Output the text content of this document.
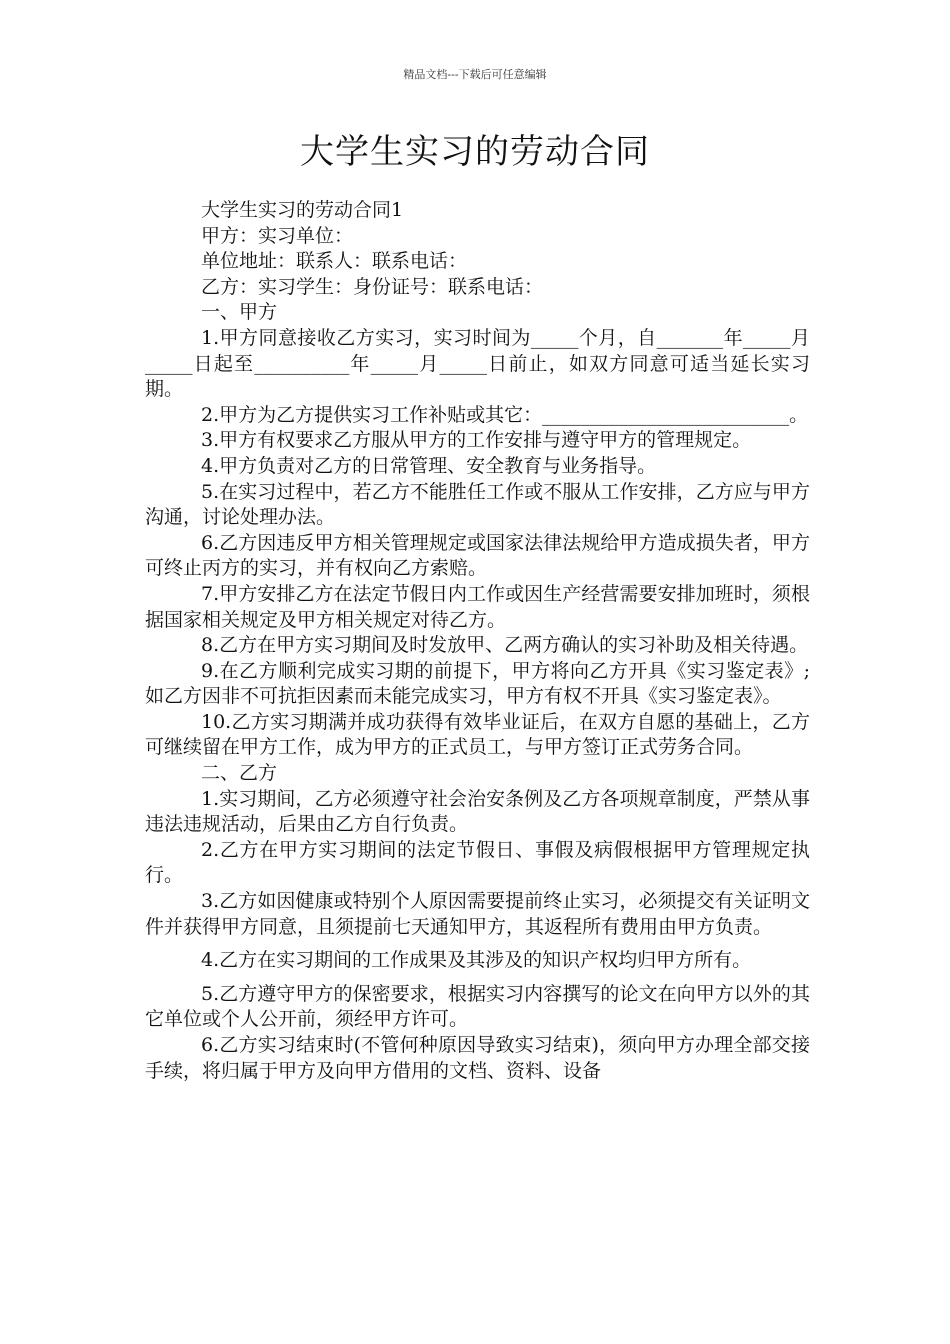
精品文档---下载后可任意编辑
大学生实习的劳动合同

大学生实习的劳动合同1

甲方：实习单位：

单位地址：联系人：联系电话：

乙方：实习学生：身份证号：联系电话：

一、甲方

1.甲方同意接收乙方实习，实习时间为_____个月，自_______年_____月_____日起至__________年_____月_____日前止，如双方同意可适当延长实习期。

2.甲方为乙方提供实习工作补贴或其它：__________________________。

3.甲方有权要求乙方服从甲方的工作安排与遵守甲方的管理规定。

4.甲方负责对乙方的日常管理、安全教育与业务指导。

5.在实习过程中，若乙方不能胜任工作或不服从工作安排，乙方应与甲方沟通，讨论处理办法。

6.乙方因违反甲方相关管理规定或国家法律法规给甲方造成损失者，甲方可终止丙方的实习，并有权向乙方索赔。

7.甲方安排乙方在法定节假日内工作或因生产经营需要安排加班时，须根据国家相关规定及甲方相关规定对待乙方。

8.乙方在甲方实习期间及时发放甲、乙两方确认的实习补助及相关待遇。

9.在乙方顺利完成实习期的前提下，甲方将向乙方开具《实习鉴定表》;如乙方因非不可抗拒因素而未能完成实习，甲方有权不开具《实习鉴定表》。

10.乙方实习期满并成功获得有效毕业证后，在双方自愿的基础上，乙方可继续留在甲方工作，成为甲方的正式员工，与甲方签订正式劳务合同。

二、乙方

1.实习期间，乙方必须遵守社会治安条例及乙方各项规章制度，严禁从事违法违规活动，后果由乙方自行负责。

2.乙方在甲方实习期间的法定节假日、事假及病假根据甲方管理规定执行。

3.乙方如因健康或特别个人原因需要提前终止实习，必须提交有关证明文件并获得甲方同意，且须提前七天通知甲方，其返程所有费用由甲方负责。

4.乙方在实习期间的工作成果及其涉及的知识产权均归甲方所有。

5.乙方遵守甲方的保密要求，根据实习内容撰写的论文在向甲方以外的其它单位或个人公开前，须经甲方许可。

6.乙方实习结束时(不管何种原因导致实习结束)，须向甲方办理全部交接手续，将归属于甲方及向甲方借用的文档、资料、设备
